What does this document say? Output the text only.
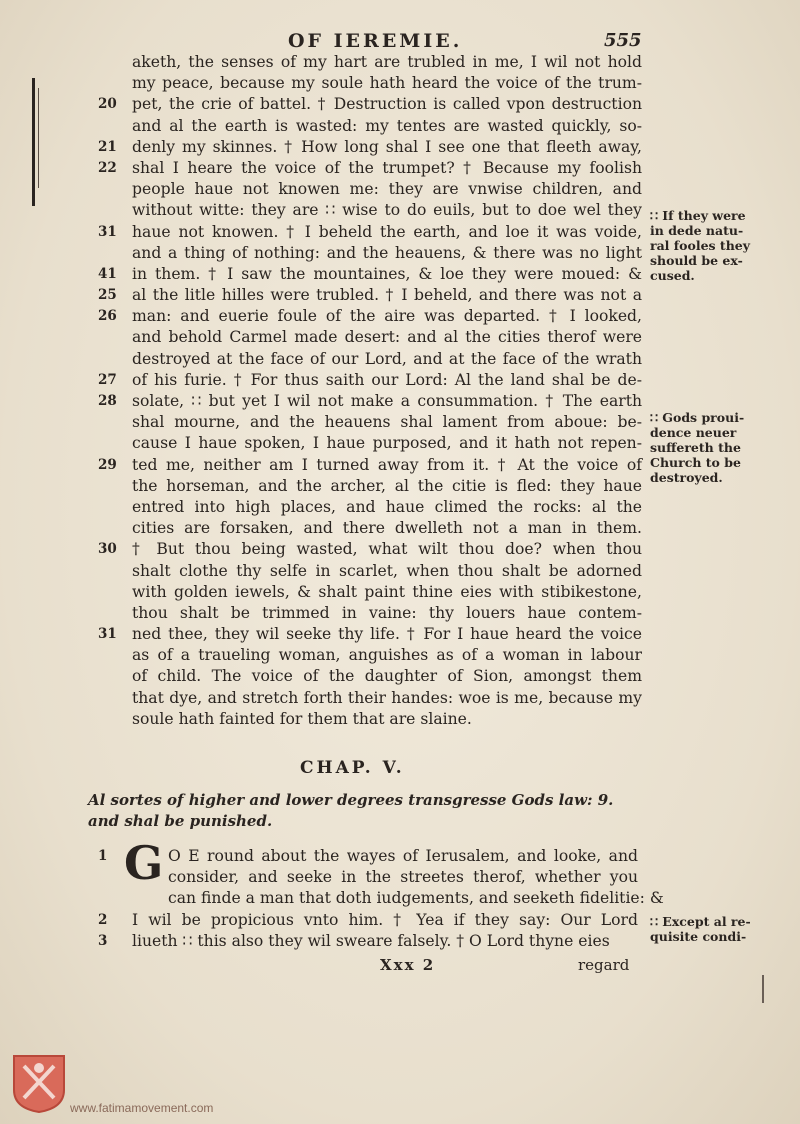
OF IEREMIE.	555
aketh, the senses of my hart are trubled in me, I wil not hold
my peace, because my soule hath heard the voice of the trum-
20 pet, the crie of battel. † Destruction is called vpon destruction
and al the earth is wasted: my tentes are wasted quickly, so-
21 denly my skinnes. † How long shal I see one that fleeth away,
22 shal I heare the voice of the trumpet? † Because my foolish
people haue not knowen me: they are vnwise children, and
without witte: they are ∷ wise to do euils, but to doe wel they
31 haue not knowen. † I beheld the earth, and loe it was voide,
and a thing of nothing: and the heauens, & there was no light
41 in them. † I saw the mountaines, & loe they were moued: &
25 al the litle hilles were trubled. † I beheld, and there was not a
26 man: and euerie foule of the aire was departed. † I looked,
and behold Carmel made desert: and al the cities therof were
destroyed at the face of our Lord, and at the face of the wrath
27 of his furie. † For thus saith our Lord: Al the land shal be de-
28 solate, ∷ but yet I wil not make a consummation. † The earth
shal mourne, and the heauens shal lament from aboue: be-
cause I haue spoken, I haue purposed, and it hath not repen-
29 ted me, neither am I turned away from it. † At the voice of
the horseman, and the archer, al the citie is fled: they haue
entred into high places, and haue climed the rocks: al the
cities are forsaken, and there dwelleth not a man in them.
30 † But thou being wasted, what wilt thou doe? when thou
shalt clothe thy selfe in scarlet, when thou shalt be adorned
with golden iewels, & shalt paint thine eies with stibikestone,
thou shalt be trimmed in vaine: thy louers haue contem-
31 ned thee, they wil seeke thy life. † For I haue heard the voice
as of a traueling woman, anguishes as of a woman in labour
of child. The voice of the daughter of Sion, amongst them
that dye, and stretch forth their handes: woe is me, because my
soule hath fainted for them that are slaine.
∷ If they were in dede natu-ral fooles they should be ex-cused.
∷ Gods proui-dence neuer suffereth the Church to be destroyed.
∷ Except al re-quisite condi-
CHAP. V.
Al sortes of higher and lower degrees transgresse Gods law: 9. and shal be punished.
G
1	O E round about the wayes of Ierusalem, and looke, and
consider, and seeke in the streetes therof, whether you
can finde a man that doth iudgements, and seeketh fidelitie: &
2	I wil be propicious vnto him. † Yea if they say: Our Lord
3	liueth ∷ this also they wil sweare falsely. † O Lord thyne eies
Xxx 2	regard
www.fatimamovement.com
